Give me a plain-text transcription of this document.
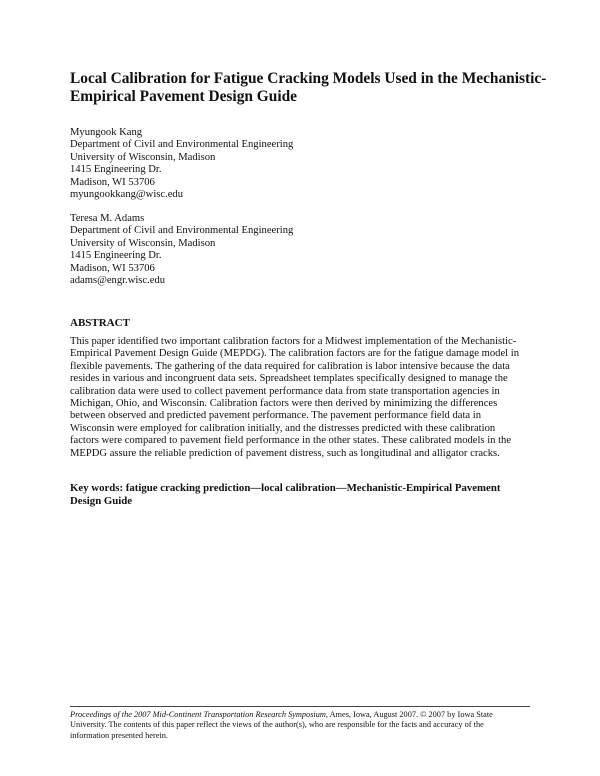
Local Calibration for Fatigue Cracking Models Used in the Mechanistic-
Empirical Pavement Design Guide
Myungook Kang
Department of Civil and Environmental Engineering
University of Wisconsin, Madison
1415 Engineering Dr.
Madison, WI 53706
myungookkang@wisc.edu
Teresa M. Adams
Department of Civil and Environmental Engineering
University of Wisconsin, Madison
1415 Engineering Dr.
Madison, WI 53706
adams@engr.wisc.edu
ABSTRACT
This paper identified two important calibration factors for a Midwest implementation of the Mechanistic-
Empirical Pavement Design Guide (MEPDG). The calibration factors are for the fatigue damage model in
flexible pavements. The gathering of the data required for calibration is labor intensive because the data
resides in various and incongruent data sets. Spreadsheet templates specifically designed to manage the
calibration data were used to collect pavement performance data from state transportation agencies in
Michigan, Ohio, and Wisconsin. Calibration factors were then derived by minimizing the differences
between observed and predicted pavement performance. The pavement performance field data in
Wisconsin were employed for calibration initially, and the distresses predicted with these calibration
factors were compared to pavement field performance in the other states. These calibrated models in the
MEPDG assure the reliable prediction of pavement distress, such as longitudinal and alligator cracks.
Key words: fatigue cracking prediction—local calibration—Mechanistic-Empirical Pavement
Design Guide
Proceedings of the 2007 Mid-Continent Transportation Research Symposium, Ames, Iowa, August 2007. © 2007 by Iowa State
University. The contents of this paper reflect the views of the author(s), who are responsible for the facts and accuracy of the
information presented herein.
